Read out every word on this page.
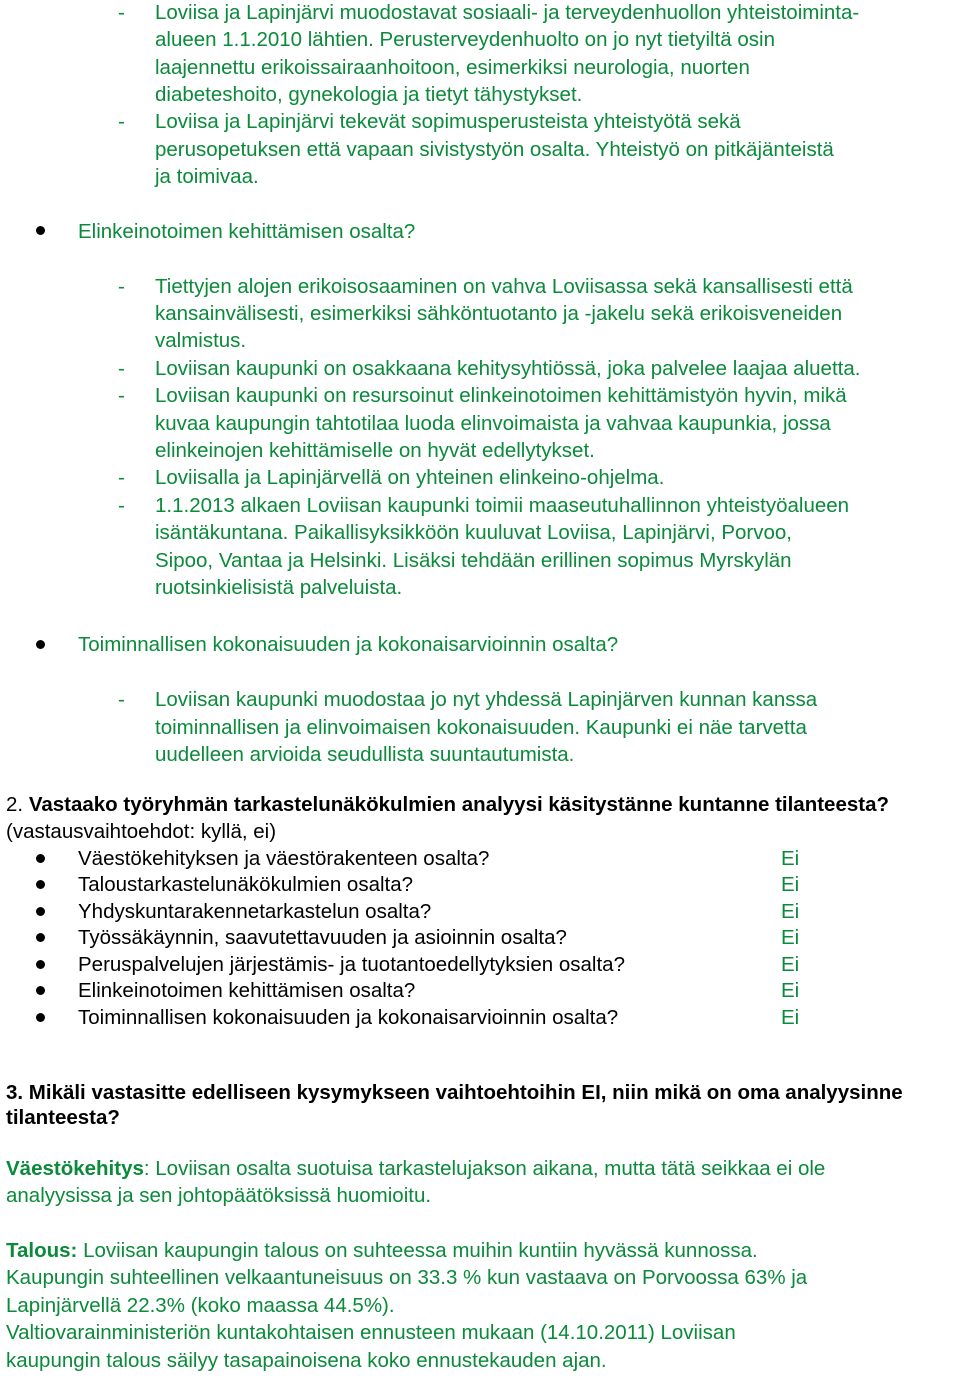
- Loviisa ja Lapinjärvi muodostavat sosiaali- ja terveydenhuollon yhteistoiminta-
alueen 1.1.2010 lähtien. Perusterveydenhuolto on jo nyt tietyiltä osin
laajennettu erikoissairaanhoitoon, esimerkiksi neurologia, nuorten
diabeteshoito, gynekologia ja tietyt tähystykset.
- Loviisa ja Lapinjärvi tekevät sopimusperusteista yhteistyötä sekä
perusopetuksen että vapaan sivistystyön osalta. Yhteistyö on pitkäjänteistä
ja toimivaa.
Elinkeinotoimen kehittämisen osalta?
- Tiettyjen alojen erikoisosaaminen on vahva Loviisassa sekä kansallisesti että
kansainvälisesti, esimerkiksi sähköntuotanto ja -jakelu sekä erikoisveneiden
valmistus.
- Loviisan kaupunki on osakkaana kehitysyhtiössä, joka palvelee laajaa aluetta.
- Loviisan kaupunki on resursoinut elinkeinotoimen kehittämistyön hyvin, mikä
kuvaa kaupungin tahtotilaa luoda elinvoimaista ja vahvaa kaupunkia, jossa
elinkeinojen kehittämiselle on hyvät edellytykset.
- Loviisalla ja Lapinjärvellä on yhteinen elinkeino-ohjelma.
- 1.1.2013 alkaen Loviisan kaupunki toimii maaseutuhallinnon yhteistyöalueen
isäntäkuntana. Paikallisyksikköön kuuluvat Loviisa, Lapinjärvi, Porvoo,
Sipoo, Vantaa ja Helsinki. Lisäksi tehdään erillinen sopimus Myrskylän
ruotsinkielisistä palveluista.
Toiminnallisen kokonaisuuden ja kokonaisarvioinnin osalta?
- Loviisan kaupunki muodostaa jo nyt yhdessä Lapinjärven kunnan kanssa
toiminnallisen ja elinvoimaisen kokonaisuuden. Kaupunki ei näe tarvetta
uudelleen arvioida seudullista suuntautumista.
2. Vastaako työryhmän tarkastelunäkökulmien analyysi käsitystänne kuntanne tilanteesta?
(vastausvaihtoehdot: kyllä, ei)
Väestökehityksen ja väestörakenteen osalta?	Ei
Taloustarkastelunäkökulmien osalta?	Ei
Yhdyskuntarakennetarkastelun osalta?	Ei
Työssäkäynnin, saavutettavuuden ja asioinnin osalta?	Ei
Peruspalvelujen järjestämis- ja tuotantoedellytyksien osalta?	Ei
Elinkeinotoimen kehittämisen osalta?	Ei
Toiminnallisen kokonaisuuden ja kokonaisarvioinnin osalta?	Ei
3. Mikäli vastasitte edelliseen kysymykseen vaihtoehtoihin EI, niin mikä on oma analyysinne
tilanteesta?
Väestökehitys: Loviisan osalta suotuisa tarkastelujakson aikana, mutta tätä seikkaa ei ole
analyysissa ja sen johtopäätöksissä huomioitu.
Talous: Loviisan kaupungin talous on suhteessa muihin kuntiin hyvässä kunnossa.
Kaupungin suhteellinen velkaantuneisuus on 33.3 % kun vastaava on Porvoossa 63% ja
Lapinjärvellä 22.3% (koko maassa 44.5%).
Valtiovarainministeriön kuntakohtaisen ennusteen mukaan (14.10.2011) Loviisan
kaupungin talous säilyy tasapainoisena koko ennustekauden ajan.
